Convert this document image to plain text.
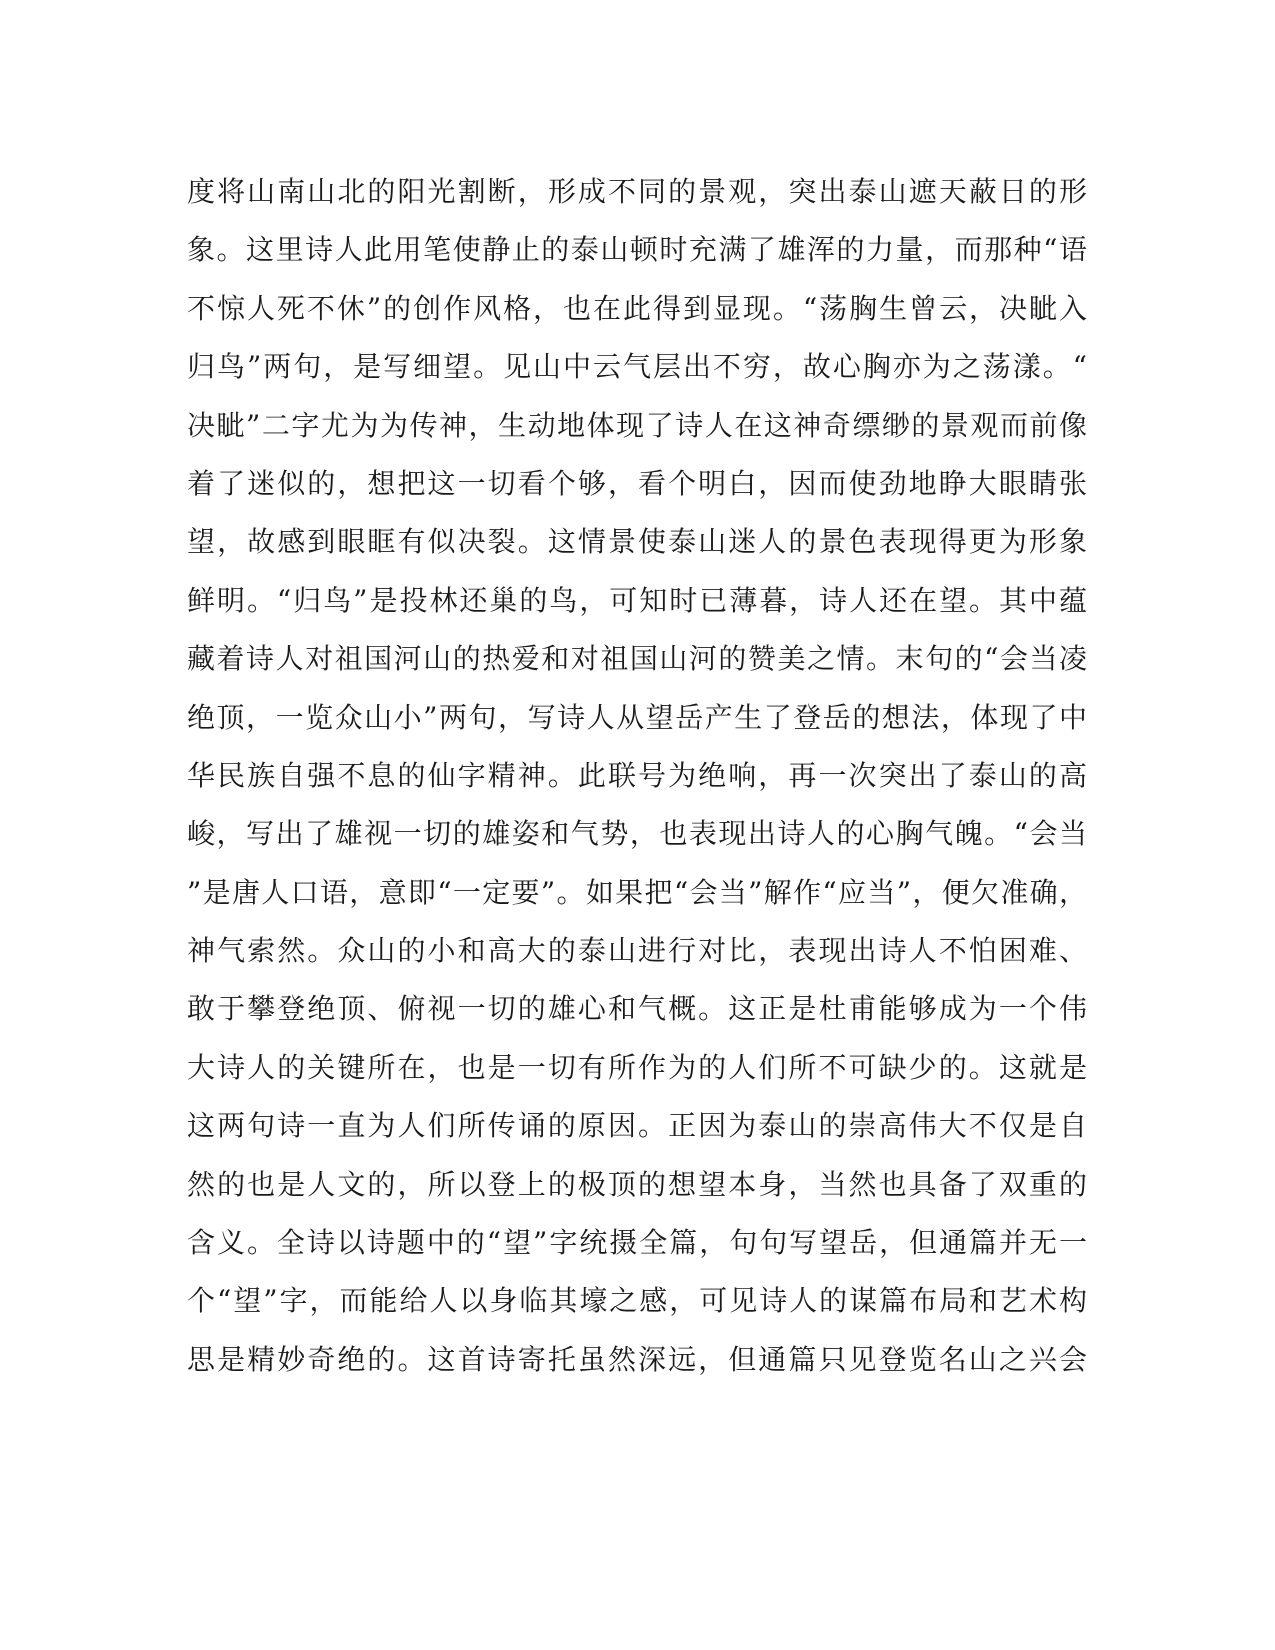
度将山南山北的阳光割断，形成不同的景观，突出泰山遮天蔽日的形
象。这里诗人此用笔使静止的泰山顿时充满了雄浑的力量，而那种“语
不惊人死不休”的创作风格，也在此得到显现。“荡胸生曾云，决眦入
归鸟”两句，是写细望。见山中云气层出不穷，故心胸亦为之荡漾。“
决眦”二字尤为为传神，生动地体现了诗人在这神奇缥缈的景观而前像
着了迷似的，想把这一切看个够，看个明白，因而使劲地睁大眼睛张
望，故感到眼眶有似决裂。这情景使泰山迷人的景色表现得更为形象
鲜明。“归鸟”是投林还巢的鸟，可知时已薄暮，诗人还在望。其中蕴
藏着诗人对祖国河山的热爱和对祖国山河的赞美之情。末句的“会当凌
绝顶，一览众山小”两句，写诗人从望岳产生了登岳的想法，体现了中
华民族自强不息的仙字精神。此联号为绝响，再一次突出了泰山的高
峻，写出了雄视一切的雄姿和气势，也表现出诗人的心胸气魄。“会当
”是唐人口语，意即“一定要”。如果把“会当”解作“应当”，便欠准确，
神气索然。众山的小和高大的泰山进行对比，表现出诗人不怕困难、
敢于攀登绝顶、俯视一切的雄心和气概。这正是杜甫能够成为一个伟
大诗人的关键所在，也是一切有所作为的人们所不可缺少的。这就是
这两句诗一直为人们所传诵的原因。正因为泰山的崇高伟大不仅是自
然的也是人文的，所以登上的极顶的想望本身，当然也具备了双重的
含义。全诗以诗题中的“望”字统摄全篇，句句写望岳，但通篇并无一
个“望”字，而能给人以身临其壕之感，可见诗人的谋篇布局和艺术构
思是精妙奇绝的。这首诗寄托虽然深远，但通篇只见登览名山之兴会
